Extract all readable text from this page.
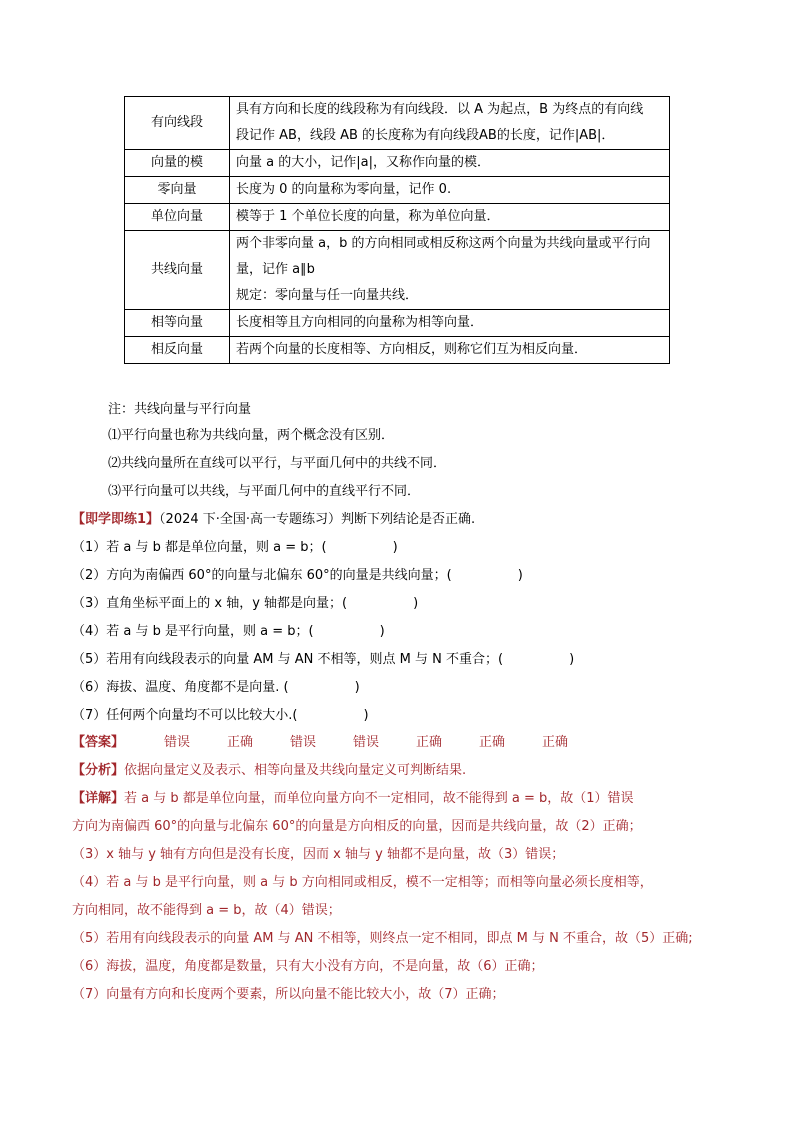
有向线段	具有方向和长度的线段称为有向线段．以 A 为起点，B 为终点的有向线
段记作 AB，线段 AB 的长度称为有向线段AB的长度，记作|AB|．

向量的模	向量 a 的大小，记作|a|，又称作向量的模．

零向量	长度为 0 的向量称为零向量，记作 0.

单位向量	模等于 1 个单位长度的向量，称为单位向量．

共线向量	两个非零向量 a，b 的方向相同或相反称这两个向量为共线向量或平行向
量，记作 a∥b
规定：零向量与任一向量共线．

相等向量	长度相等且方向相同的向量称为相等向量．

相反向量	若两个向量的长度相等、方向相反，则称它们互为相反向量．
注：共线向量与平行向量
⑴平行向量也称为共线向量，两个概念没有区别．
⑵共线向量所在直线可以平行，与平面几何中的共线不同．
⑶平行向量可以共线，与平面几何中的直线平行不同．
【即学即练1】（2024 下·全国·高一专题练习）判断下列结论是否正确.
（1）若 a 与 b 都是单位向量，则 a = b；(	)
（2）方向为南偏西 60°的向量与北偏东 60°的向量是共线向量；(	)
（3）直角坐标平面上的 x 轴，y 轴都是向量；(	)
（4）若 a 与 b 是平行向量，则 a = b；(	)
（5）若用有向线段表示的向量 AM 与 AN 不相等，则点 M 与 N 不重合；(	)
（6）海拔、温度、角度都不是向量. (	)
（7）任何两个向量均不可以比较大小.(	)
【答案】	错误	正确	错误	错误	正确	正确	正确
【分析】依据向量定义及表示、相等向量及共线向量定义可判断结果.
【详解】若 a 与 b 都是单位向量，而单位向量方向不一定相同，故不能得到 a = b，故（1）错误
方向为南偏西 60°的向量与北偏东 60°的向量是方向相反的向量，因而是共线向量，故（2）正确；
（3）x 轴与 y 轴有方向但是没有长度，因而 x 轴与 y 轴都不是向量，故（3）错误；
（4）若 a 与 b 是平行向量，则 a 与 b 方向相同或相反，模不一定相等；而相等向量必须长度相等，
方向相同，故不能得到 a = b，故（4）错误；
（5）若用有向线段表示的向量 AM 与 AN 不相等，则终点一定不相同，即点 M 与 N 不重合，故（5）正确;
（6）海拔，温度，角度都是数量，只有大小没有方向，不是向量，故（6）正确；
（7）向量有方向和长度两个要素，所以向量不能比较大小，故（7）正确；
